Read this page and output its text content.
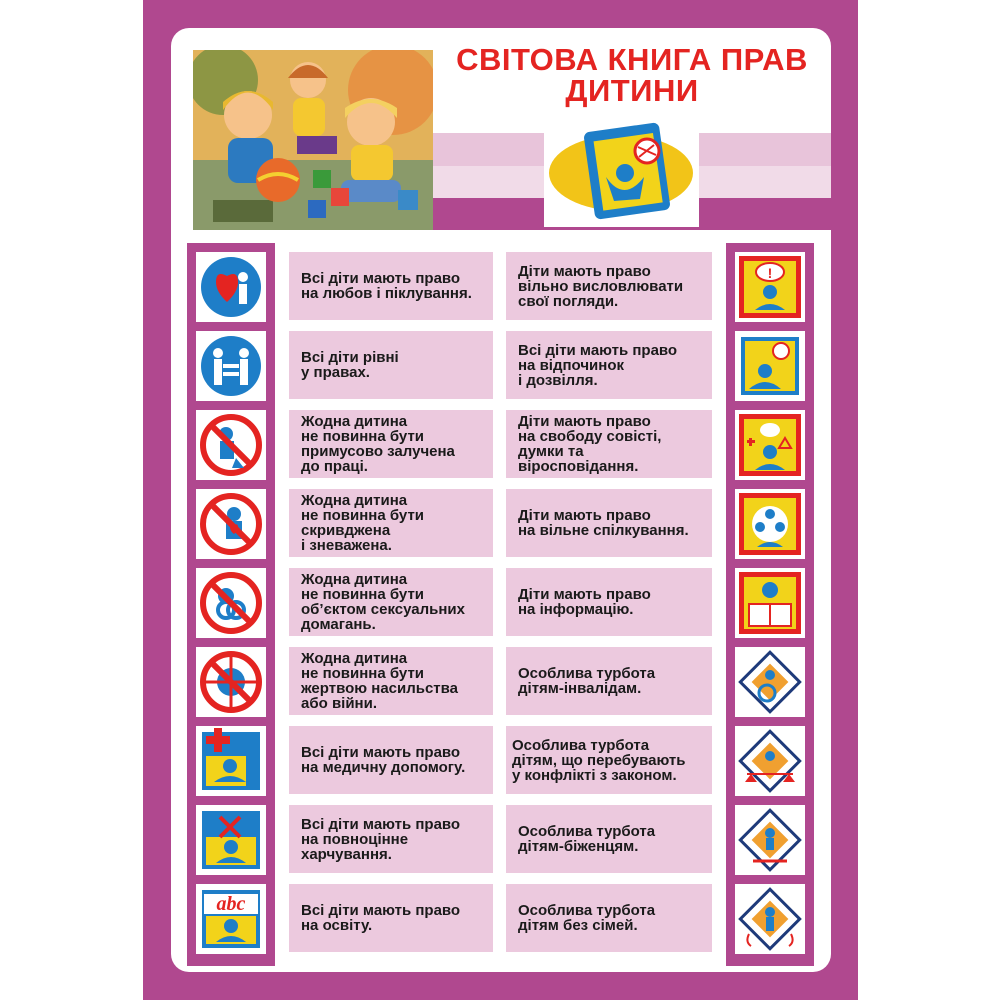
СВІТОВА КНИГА ПРАВ
ДИТИНИ
abc
!
Всі діти мають право
на любов і піклування.
Всі діти рівні
у правах.
Жодна дитина
не повинна бути
примусово залучена
до праці.
Жодна дитина
не повинна бути
скривджена
і зневажена.
Жодна дитина
не повинна бути
об’єктом сексуальних
домагань.
Жодна дитина
не повинна бути
жертвою насильства
або війни.
Всі діти мають право
на медичну допомогу.
Всі діти мають право
на повноцінне
харчування.
Всі діти мають право
на освіту.
Діти мають право
вільно висловлювати
свої погляди.
Всі діти мають право
на відпочинок
і дозвілля.
Діти мають право
на свободу совісті,
думки та
віросповідання.
Діти мають право
на вільне спілкування.
Діти мають право
на інформацію.
Особлива турбота
дітям-інвалідам.
Особлива турбота
дітям, що перебувають
у конфлікті з законом.
Особлива турбота
дітям-біженцям.
Особлива турбота
дітям без сімей.
